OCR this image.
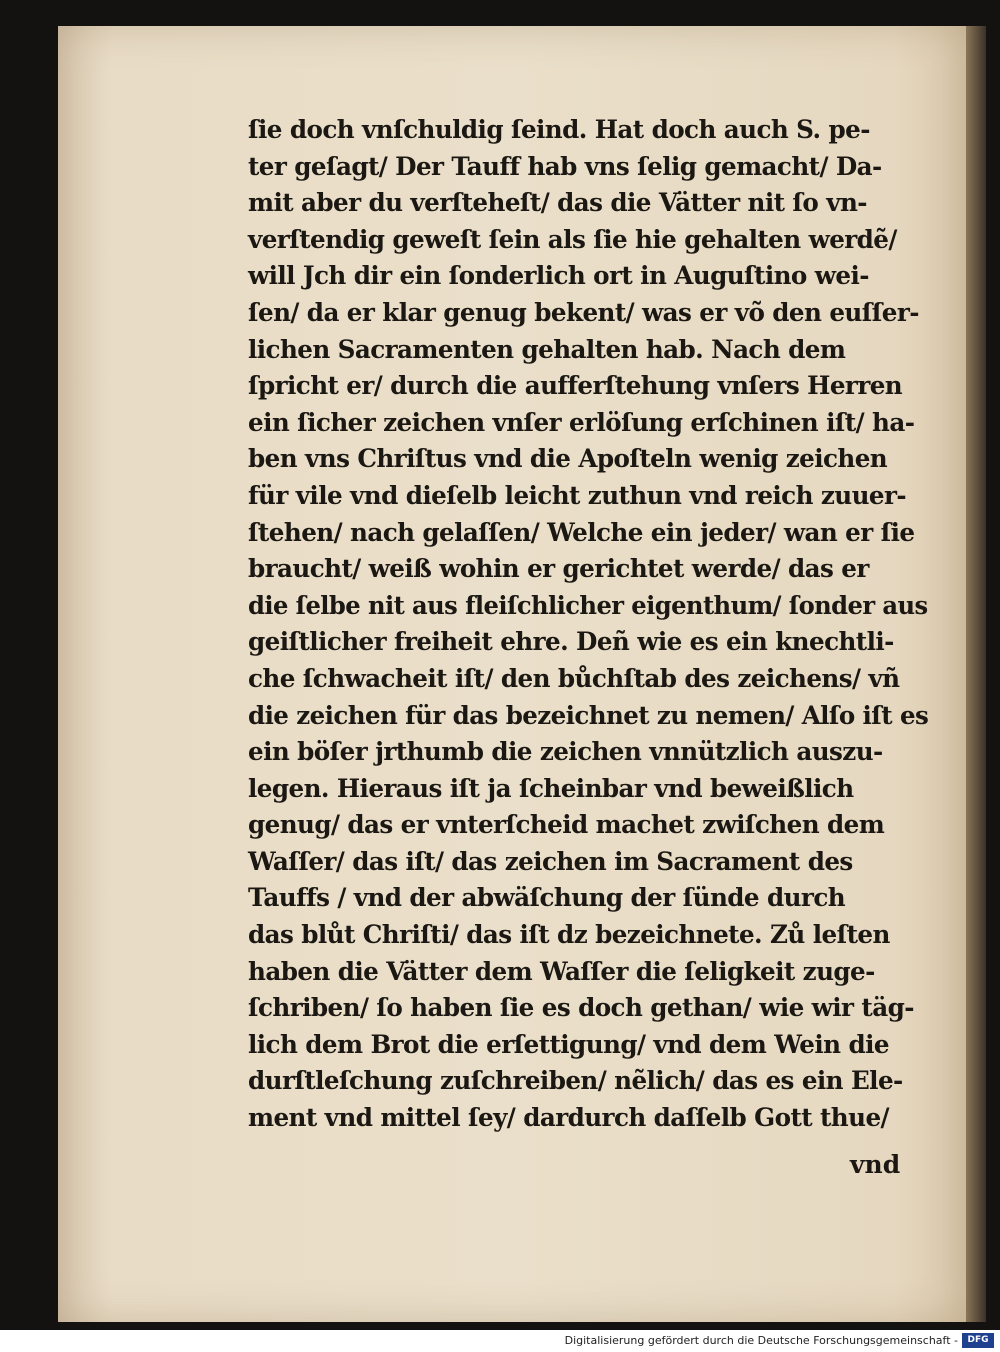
ſie doch vnſchuldig ſeind. Hat doch auch S. pe‑
ter geſagt/ Der Tauff hab vns ſelig gemacht/ Da‑
mit aber du verſteheſt/ das die Vätter nit ſo vn‑
verſtendig geweſt ſein als ſie hie gehalten werdẽ/
will Jch dir ein ſonderlich ort in Auguſtino wei‑
ſen/ da er klar genug bekent/ was er võ den euſſer‑
lichen Sacramenten gehalten hab. Nach dem
ſpricht er/ durch die aufferſtehung vnſers Herren
ein ſicher zeichen vnſer erlöſung erſchinen iſt/ ha‑
ben vns Chriſtus vnd die Apoſteln wenig zeichen
für vile vnd dieſelb leicht zuthun vnd reich zuuer‑
ſtehen/ nach gelaſſen/ Welche ein jeder/ wan er ſie
braucht/ weiß wohin er gerichtet werde/ das er
die ſelbe nit aus fleiſchlicher eigenthum/ ſonder aus
geiſtlicher freiheit ehre. Deñ wie es ein knechtli‑
che ſchwacheit iſt/ den bůchſtab des zeichens/ vñ
die zeichen für das bezeichnet zu nemen/ Alſo iſt es
ein böſer jrthumb die zeichen vnnützlich auszu‑
legen. Hieraus iſt ja ſcheinbar vnd beweißlich
genug/ das er vnterſcheid machet zwiſchen dem
Waſſer/ das iſt/ das zeichen im Sacrament des
Tauffs / vnd der abwäſchung der ſünde durch
das blůt Chriſti/ das iſt dz bezeichnete. Zů leſten
haben die Vätter dem Waſſer die ſeligkeit zuge‑
ſchriben/ ſo haben ſie es doch gethan/ wie wir täg‑
lich dem Brot die erſettigung/ vnd dem Wein die
durſtleſchung zuſchreiben/ nẽlich/ das es ein Ele‑
ment vnd mittel ſey/ dardurch daſſelb Gott thue/
vnd
Digitalisierung gefördert durch die Deutsche Forschungsgemeinschaft -	DFG
